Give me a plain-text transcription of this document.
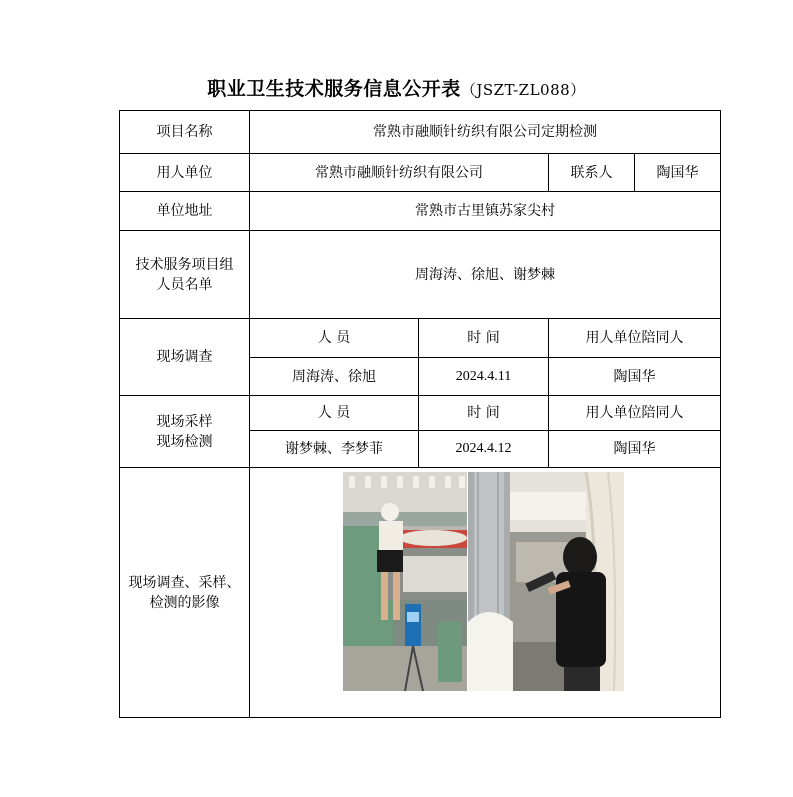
职业卫生技术服务信息公开表（JSZT-ZL088）
项目名称	常熟市融顺针纺织有限公司定期检测			
用人单位	常熟市融顺针纺织有限公司		联系人	陶国华
单位地址	常熟市古里镇苏家尖村			

技术服务项目组
人员名单	周海涛、徐旭、谢梦棘			
现场调查	人 员	时 间	用人单位陪同人	
	周海涛、徐旭	2024.4.11	陶国华	

现场采样
现场检测	人 员	时 间	用人单位陪同人	
	谢梦棘、李梦菲	2024.4.12	陶国华	

现场调查、采样、
检测的影像
